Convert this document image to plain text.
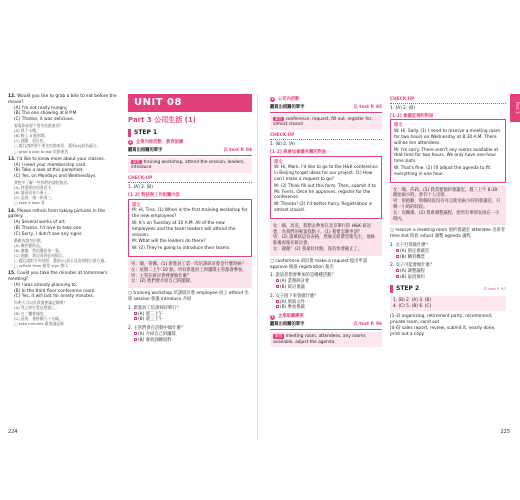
12. Would you like to grab a bite to eat before the movie?
(A) I'm not really hungry.
(B) The one showing at 8 P.M.
(C) Thanks, it was delicious.
看電影前要不要先吃點東西？
(A) 我不太餓。
(B) 晚上 8 點那場。
(C) 謝謝，很好吃。
▢ 題目詢問要不要先吃點東西，選項(A)最為適合。
▢ grab a bite to eat 吃點東西
13. I'd like to know more about your classes.
(A) I need your membership card.
(B) Take a look at this pamphlet.
(C) Yes, on Mondays and Wednesdays.
我想多了解一些你們的課程資訊。
(A) 我需要你的會員卡。
(B) 請看這本小冊子。
(C) 是的，週一和週三。
▢ take a look 看
14. Please refrain from taking pictures in the gallery.
(A) Several works of art.
(B) Thanks, I'd love to take one.
(C) Sorry, I didn't see any signs.
藝廊內請勿拍照。
(A) 幾件藝術品。
(B) 謝謝，我很樂意拍一張。
(C) 抱歉，我沒看到任何標示。
▢ 題目請對方勿拍照，選項(C)表示沒看到標示最合適。
▢ refrain from 避免 sign 標示
15. Could you take the minutes at tomorrow's meeting?
(A) I was already planning to.
(B) In the third floor conference room.
(C) Yes, it will last for ninety minutes.
你明天可以負責做會議記錄嗎？
(A) 我已經打算這麼做了。
(B) 在三樓會議室。
(C) 是的，會持續九十分鐘。
▢ take minutes 做會議記錄
UNIT 08
Part 3 公司生活 (1)
STEP 1
1 企業內部活動．教育訓練
聽寫出相關的單字	以 text P. 94
解答 training workshop, attend the session, leaders, introduce
CHECK-UP
1. (A) 2. (B)
[1-2] 對話與工作相關內容
原文
M: Hi, Tina. (1) When is the first training workshop for the new employees?
W: It's on Tuesday at 10 A.M. All of the new employees and the team leaders will attend the session.
M: What will the leaders do there?
W: (2) They're going to introduce their teams.
男：嗨，蒂娜。(1) 新進員工第一次培訓研討會是什麼時候？
女：星期二上午 10 點。所有新進員工與團隊主管都會參加。
男：主管在研討會裡要做什麼？
女：(2) 他們要介紹自己的團隊。
▢ training workshop 培訓研討會 employee 員工 attend 出席 session 會議 introduce 介紹
1. 新進員工培訓何時舉行？
(A) 週二上午
(B) 週三上午
2. 主管們會在活動中做什麼？
(A) 介紹自己的團隊
(B) 發放訓練資料
224
Part 3
2 公司內活動
聽寫出相關的單字	以 text P. 95
解答 conference, request, fill out, register for, almost closed
CHECK-UP
1. (B) 2. (A)
[1-2] 與參加會議有關的對話
原文
W: Hi, Mark. I'd like to go to the H&K conference in Beijing to get ideas for our project. (1) How can I make a request to go?
M: (2) Think fill out this form. Then, submit it to Mr. Ferris. Once he approves, register for the conference.
W: Thanks! (2) I'd better hurry. Registration is almost closed.
女：嗨，馬克。我想去參加在北京舉行的 H&K 研討會，為我們的專案找點子。(1) 我要怎麼申請？
男：(2) 請填寫這份表格，然後交給費里斯先生。他核准後再報名研討會。
女：謝謝！(2) 我最好快點，報名快要截止了。
▢ conference 研討會 make a request 提出申請 approve 核准 registration 報名
1. 說話者想要參加的是哪種活動？
(A) 業務研討會
(B) 研討會議
2. 女子接下來會做什麼？
(A) 填寫文件
(B) 參加會議
3 企業組織變更
聽寫出相關的單字	以 text P. 96
解答 meeting room, attendees, any rooms available, adjust the agenda
CHECK-UP
1. (A) 2. (B)
[1-2] 會議室預約對話
原文
W: Hi, Sally. (1) I need to reserve a meeting room for two hours on Wednesday at 8:30 A.M. There will be ten attendees.
M: I'm sorry. There aren't any rooms available at that time for two hours. We only have one-hour time slots.
W: That's fine. (2) I'll adjust the agenda to fit everything in one hour.
女：嗨，莎莉。(1) 我需要預約會議室，週三上午 8:30 開始兩小時，會有十人出席。
男：很抱歉，那個時段沒有可以使用兩小時的會議室，只剩一小時的時段。
女：沒關係。(2) 我會調整議程，把所有事情安排在一小時內。
▢ reserve a meeting room 預約會議室 attendee 出席者 time slot 時段 adjust 調整 agenda 議程
1. 女子打算做什麼？
(A) 預定會議室
(B) 購買機票
2. 女子可能會做什麼？
(A) 調整議程
(B) 取消預約
STEP 2	以 text P. 97
1. (B) 2. (A) 3. (B)
4. (C) 5. (B) 6. (C)
[1-3] organizing, retirement party, recommend, private room, send out
[4-6] sales report, review, submit it, nearly done, print out a copy
225
